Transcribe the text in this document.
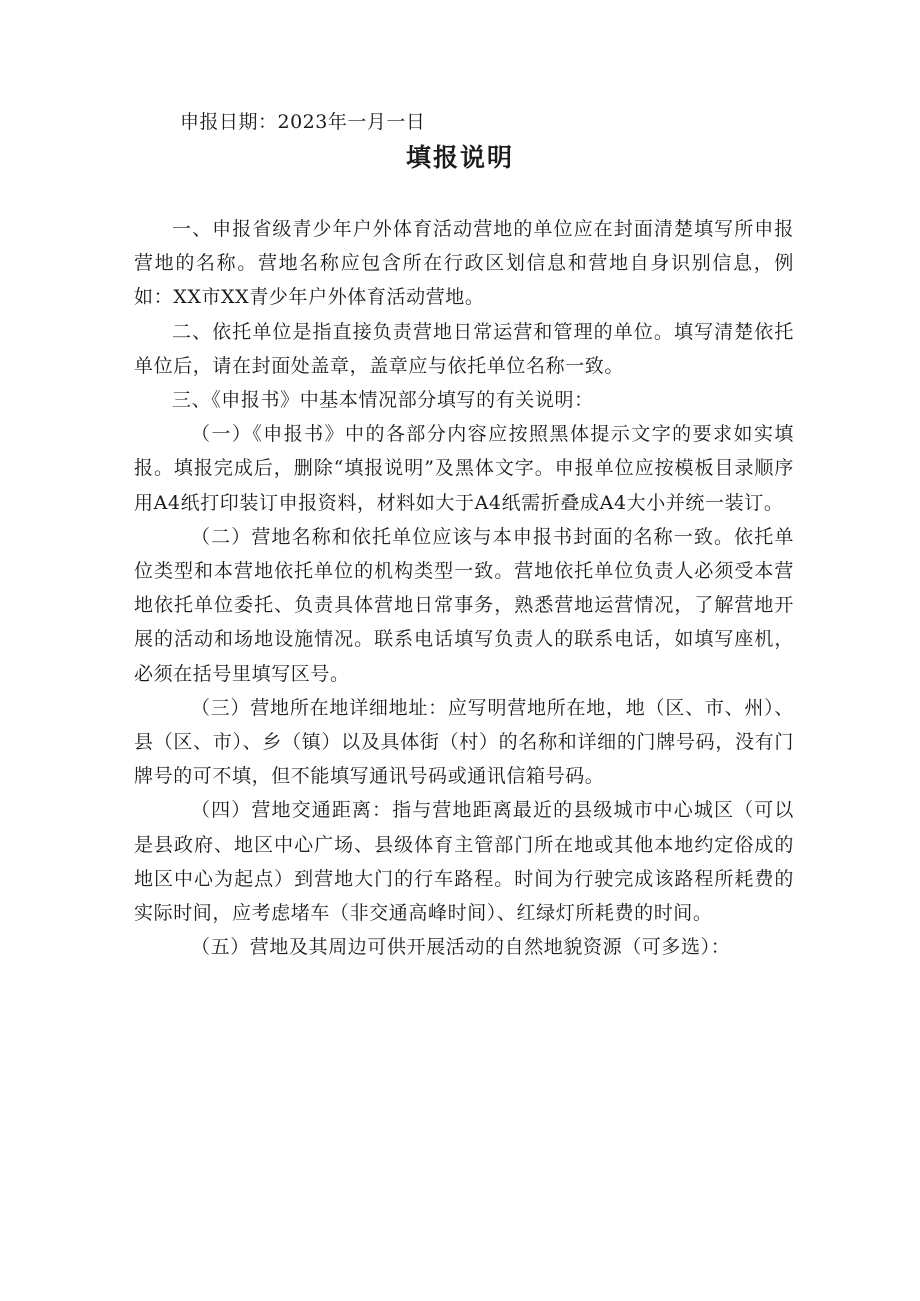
申报日期：2023年一月一日
填报说明

一、申报省级青少年户外体育活动营地的单位应在封面清楚填写所申报营地的名称。营地名称应包含所在行政区划信息和营地自身识别信息，例如：XX市XX青少年户外体育活动营地。

二、依托单位是指直接负责营地日常运营和管理的单位。填写清楚依托单位后，请在封面处盖章，盖章应与依托单位名称一致。

三、《申报书》中基本情况部分填写的有关说明：

（一）《申报书》中的各部分内容应按照黑体提示文字的要求如实填报。填报完成后，删除“填报说明”及黑体文字。申报单位应按模板目录顺序用A4纸打印装订申报资料，材料如大于A4纸需折叠成A4大小并统一装订。

（二）营地名称和依托单位应该与本申报书封面的名称一致。依托单位类型和本营地依托单位的机构类型一致。营地依托单位负责人必须受本营地依托单位委托、负责具体营地日常事务，熟悉营地运营情况，了解营地开展的活动和场地设施情况。联系电话填写负责人的联系电话，如填写座机，必须在括号里填写区号。

（三）营地所在地详细地址：应写明营地所在地，地（区、市、州）、县（区、市）、乡（镇）以及具体街（村）的名称和详细的门牌号码，没有门牌号的可不填，但不能填写通讯号码或通讯信箱号码。

（四）营地交通距离：指与营地距离最近的县级城市中心城区（可以是县政府、地区中心广场、县级体育主管部门所在地或其他本地约定俗成的地区中心为起点）到营地大门的行车路程。时间为行驶完成该路程所耗费的实际时间，应考虑堵车（非交通高峰时间）、红绿灯所耗费的时间。

（五）营地及其周边可供开展活动的自然地貌资源（可多选）：
